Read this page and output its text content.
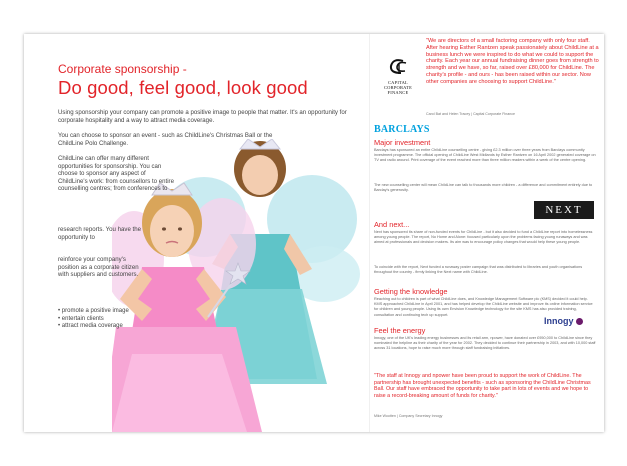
Corporate sponsorship -
Do good, feel good, look good
Using sponsorship your company can promote a positive image to people that matter. It's an opportunity for corporate hospitality and a way to attract media coverage.
You can choose to sponsor an event - such as ChildLine's Christmas Ball or the ChildLine Polo Challenge.
ChildLine can offer many different opportunities for sponsorship. You can choose to sponsor any aspect of ChildLine's work: from counsellors to entire counselling centres; from conferences to
research reports. You have the opportunity to
reinforce your company's position as a corporate citizen with suppliers and customers.
• promote a positive image
• entertain clients
• attract media coverage
CAPITAL
CORPORATE
FINANCE
"We are directors of a small factoring company with only four staff. After hearing Esther Rantzen speak passionately about ChildLine at a business lunch we were inspired to do what we could to support the charity. Each year our annual fundraising dinner goes from strength to strength and we have, so far, raised over £80,000 for ChildLine. The charity's profile - and ours - has been raised within our sector. Now other companies are choosing to support ChildLine."
Carol Bat and Helen Tracey | Capital Corporate Finance
BARCLAYS
Major investment
Barclays has sponsored an entire ChildLine counselling centre - giving £2.3 million over three years from Barclays community investment programme. The official opening of ChildLine West Midlands by Esther Rantzen on 16 April 2002 generated coverage on TV and radio around. Print coverage of the event reached more than three million readers within a week of the centre opening.
The new counselling center will mean ChildLine can talk to thousands more children - a difference and commitment entirely due to Barclay's generosity.
NEXT
And next...
Next has sponsored its share of non-funded events for ChildLine - but it also decided to fund a ChildLine report into homelessness among young people. The report, No Home and Alone: focused particularly upon the problems facing young runaways and was aimed at professionals and decision makers. Its aim was to encourage policy changes that would help these young people.
To coincide with the report, Next funded a runaway poster campaign that was distributed to libraries and youth organisations throughout the country - firmly linking the Next name with ChildLine.
Getting the knowledge
Reaching out to children is part of what ChildLine does, and Knowledge Management Software plc (KMS) decided it could help. KMS approached ChildLine in April 2001, and has helped develop the ChildLine website and improve its online information service for children and young people. Using its own Envision Knowledge technology for the site KMS has also provided training, consultation and continuing tech up support.
Innogy
Feel the energy
Innogy, one of the UK's leading energy businesses and its retail arm, npower, have donated over £950,000 to ChildLine since they nominated the helpline as their charity of the year for 2002. They decided to continue their partnership in 2003, and with 10,000 staff across 31 locations, hope to raise much more through staff fundraising initiatives.
"The staff at Innogy and npower have been proud to support the work of ChildLine. The partnership has brought unexpected benefits - such as sponsoring the ChildLine Christmas Ball. Our staff have embraced the opportunity to take part in lots of events and we hope to raise a record-breaking amount of funds for charity."
Mike Wootten | Company Secretary Innogy
